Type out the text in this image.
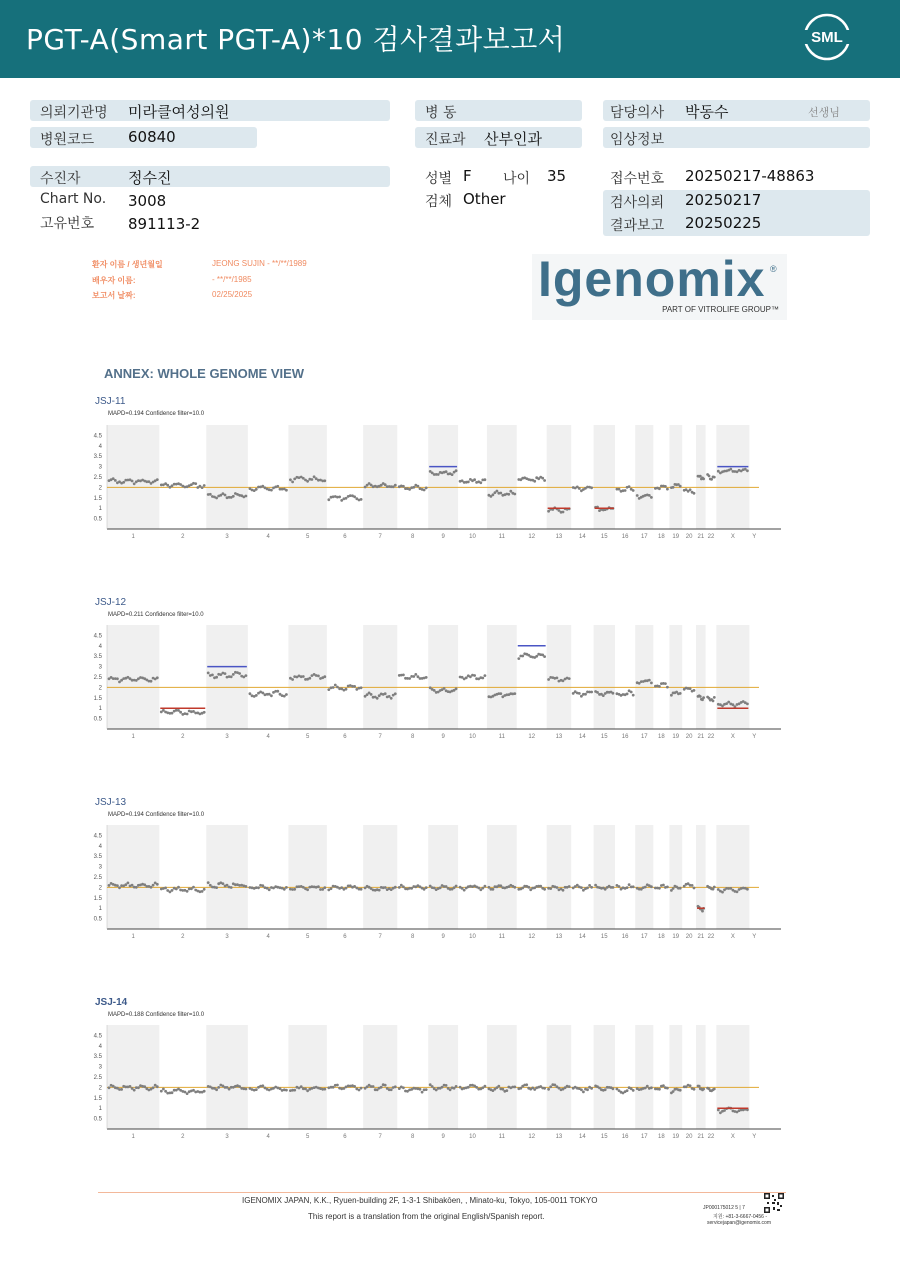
PGT-A(Smart PGT-A)*10 검사결과보고서	SML
의뢰기관명 미라클여성의원
병원코드 60840
병 동
진료과 산부인과
담당의사 박동수	선생님
임상정보
수진자	정수진
Chart No. 3008
고유번호 891113-2
성별 F 나이 35
검체 Other
접수번호 20250217-48863
검사의뢰 20250217
결과보고 20250225
환자 이름 / 생년월일	JEONG SUJIN - **/**/1989
배우자 이름:	- **/**/1985
보고서 날짜:	02/25/2025	Igenomix ®
PART OF VITROLIFE GROUP™
ANNEX: WHOLE GENOME VIEW
JSJ-11
MAPD=0.194 Confidence filter=10.0
0.5
1
1.5
2
2.5
3
3.5
4
4.5
1	2	3	4	5	6	7	8	9	10	11	12	13	14	15 16 17 18 19 20 21 22	X	Y
JSJ-12
MAPD=0.211 Confidence filter=10.0
0.5
1
1.5
2
2.5
3
3.5
4
4.5
1	2	3	4	5	6	7	8	9	10	11	12	13	14	15 16 17 18 19 20 21 22	X	Y
JSJ-13
MAPD=0.194 Confidence filter=10.0
0.5
1
1.5
2
2.5
3
3.5
4
4.5
1	2	3	4	5	6	7	8	9	10	11	12	13	14	15 16 17 18 19 20 21 22	X	Y
JSJ-14
MAPD=0.188 Confidence filter=10.0
0.5
1
1.5
2
2.5
3
3.5
4
4.5
1	2	3	4	5	6	7	8	9	10	11	12	13	14	15 16 17 18 19 20 21 22	X	Y
IGENOMIX JAPAN, K.K., Ryuen-building 2F, 1-3-1 Shibakōen, , Minato-ku, Tokyo, 105-0011 TOKYO
This report is a translation from the original English/Spanish report.
JP000175012 5 | 7
지원: +81-3-6667-0456 -
servicejapan@igenomix.com
